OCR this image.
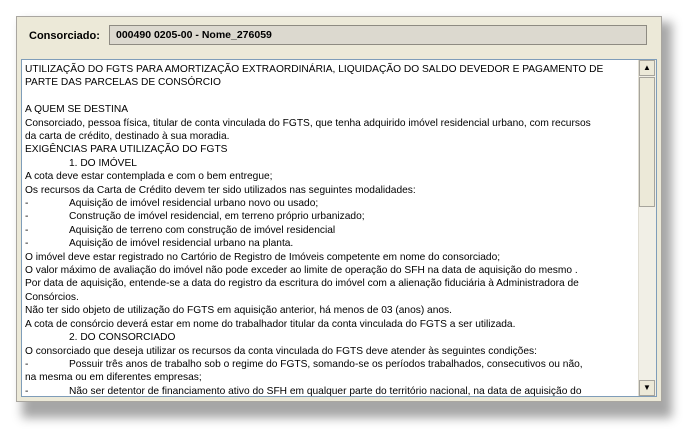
Consorciado:	000490 0205-00 - Nome_276059
UTILIZAÇÃO DO FGTS PARA AMORTIZAÇÃO EXTRAORDINÁRIA, LIQUIDAÇÃO DO SALDO DEVEDOR E PAGAMENTO DE
PARTE DAS PARCELAS DE CONSÓRCIO
A QUEM SE DESTINA
Consorciado, pessoa física, titular de conta vinculada do FGTS, que tenha adquirido imóvel residencial urbano, com recursos
da carta de crédito, destinado à sua moradia.
EXIGÊNCIAS PARA UTILIZAÇÃO DO FGTS
1. DO IMÓVEL
A cota deve estar contemplada e com o bem entregue;
Os recursos da Carta de Crédito devem ter sido utilizados nas seguintes modalidades:
-	Aquisição de imóvel residencial urbano novo ou usado;
-	Construção de imóvel residencial, em terreno próprio urbanizado;
-	Aquisição de terreno com construção de imóvel residencial
-	Aquisição de imóvel residencial urbano na planta.
O imóvel deve estar registrado no Cartório de Registro de Imóveis competente em nome do consorciado;
O valor máximo de avaliação do imóvel não pode exceder ao limite de operação do SFH na data de aquisição do mesmo .
Por data de aquisição, entende-se a data do registro da escritura do imóvel com a alienação fiduciária à Administradora de
Consórcios.
Não ter sido objeto de utilização do FGTS em aquisição anterior, há menos de 03 (anos) anos.
A cota de consórcio deverá estar em nome do trabalhador titular da conta vinculada do FGTS a ser utilizada.
2. DO CONSORCIADO
O consorciado que deseja utilizar os recursos da conta vinculada do FGTS deve atender às seguintes condições:
-	Possuir três anos de trabalho sob o regime do FGTS, somando-se os períodos trabalhados, consecutivos ou não,
na mesma ou em diferentes empresas;
-	Não ser detentor de financiamento ativo do SFH em qualquer parte do território nacional, na data de aquisição do
▲
▼
